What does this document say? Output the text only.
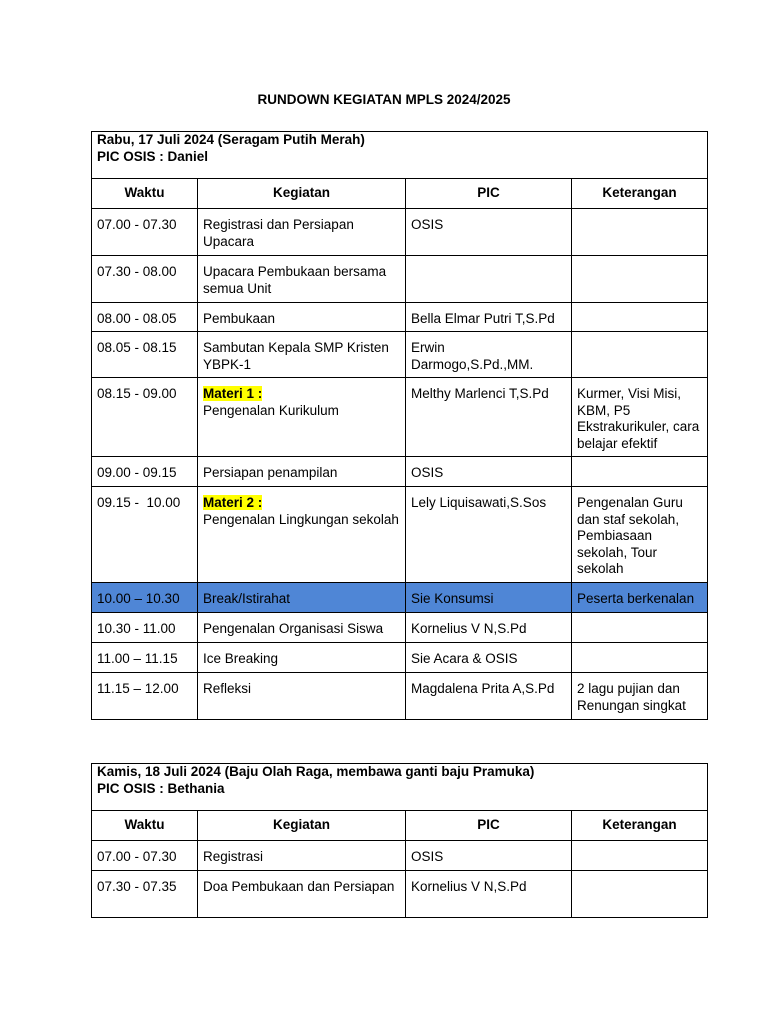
RUNDOWN KEGIATAN MPLS 2024/2025
Rabu, 17 Juli 2024 (Seragam Putih Merah)
PIC OSIS : Daniel			

Waktu	Kegiatan	PIC	Keterangan
07.00 - 07.30	Registrasi dan Persiapan Upacara	OSIS	
07.30 - 08.00	Upacara Pembukaan bersama semua Unit		
08.00 - 08.05	Pembukaan	Bella Elmar Putri T,S.Pd	
08.05 - 08.15	Sambutan Kepala SMP Kristen YBPK-1	Erwin Darmogo,S.Pd.,MM.	
08.15 - 09.00	Materi 1 :
Pengenalan Kurikulum	Melthy Marlenci T,S.Pd	Kurmer, Visi Misi, KBM, P5 Ekstrakurikuler, cara belajar efektif
09.00 - 09.15	Persiapan penampilan	OSIS	
09.15 -  10.00	Materi 2 :
Pengenalan Lingkungan sekolah	Lely Liquisawati,S.Sos	Pengenalan Guru dan staf sekolah, Pembiasaan sekolah, Tour sekolah
10.00 – 10.30	Break/Istirahat	Sie Konsumsi	Peserta berkenalan
10.30 - 11.00	Pengenalan Organisasi Siswa	Kornelius V N,S.Pd	
11.00 – 11.15	Ice Breaking	Sie Acara & OSIS	
11.15 – 12.00	Refleksi	Magdalena Prita A,S.Pd	2 lagu pujian dan Renungan singkat
Kamis, 18 Juli 2024 (Baju Olah Raga, membawa ganti baju Pramuka)
PIC OSIS : Bethania			

Waktu	Kegiatan	PIC	Keterangan
07.00 - 07.30	Registrasi	OSIS	
07.30 - 07.35	Doa Pembukaan dan Persiapan	Kornelius V N,S.Pd	
